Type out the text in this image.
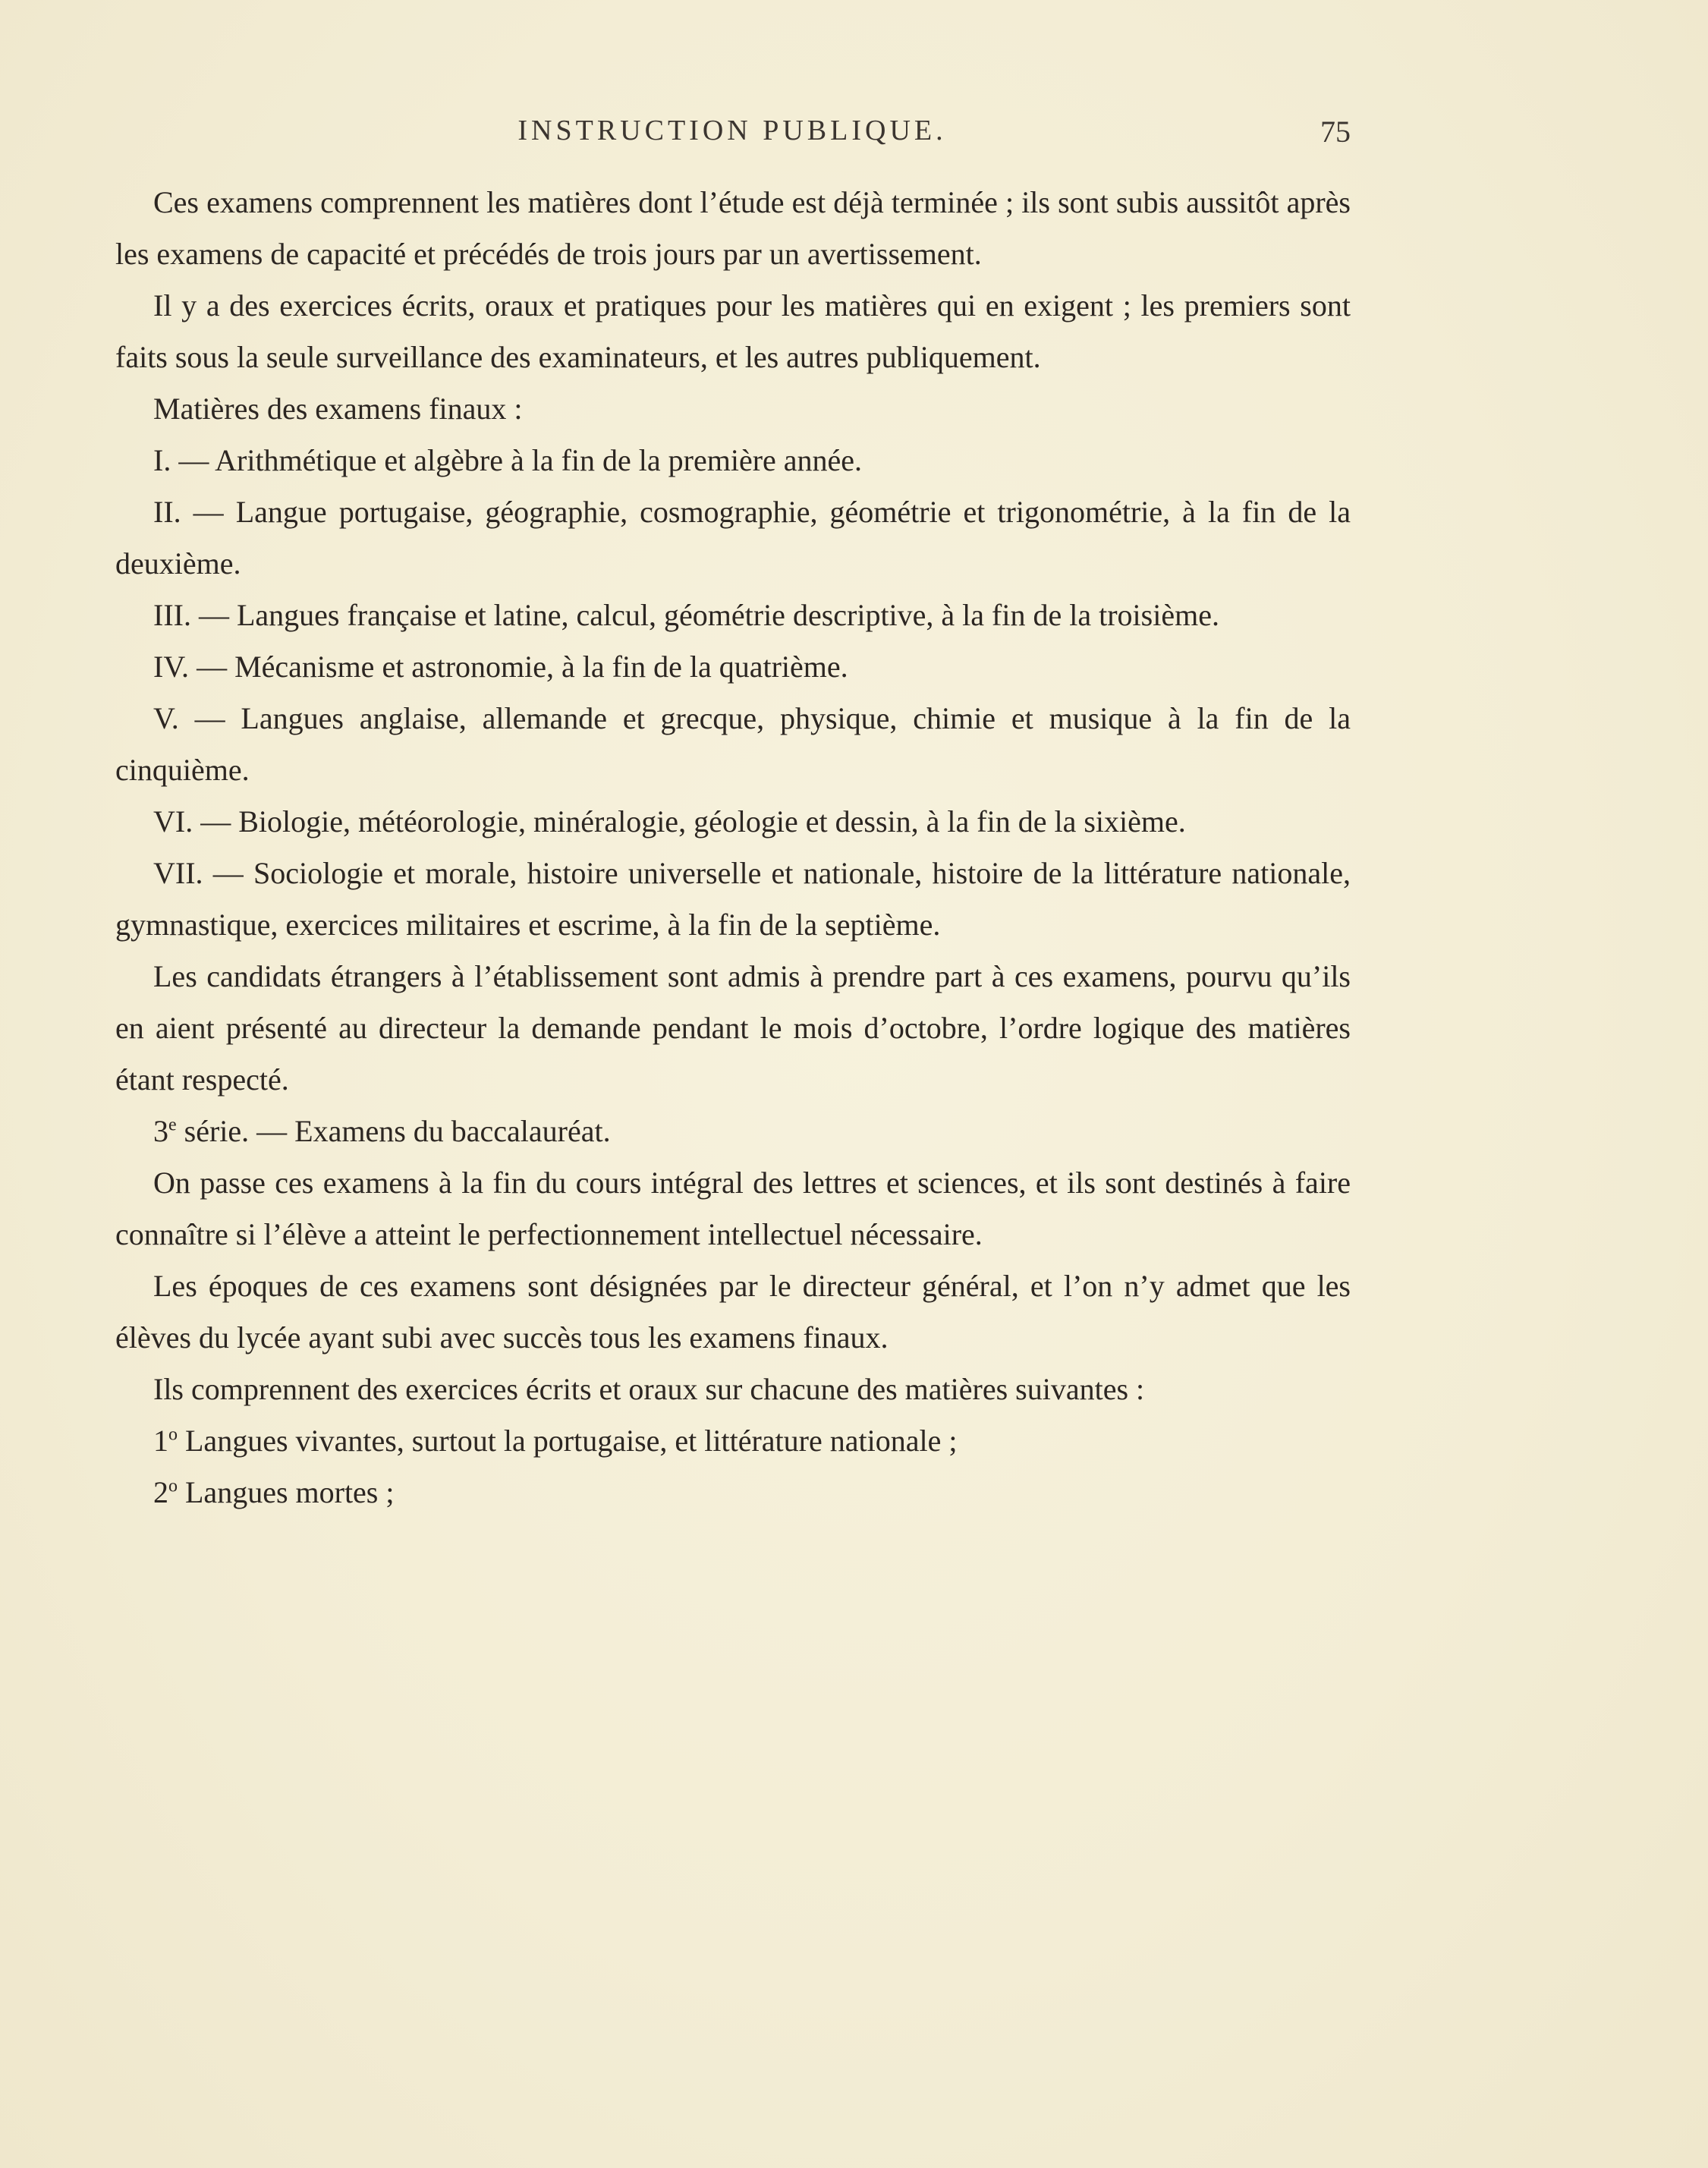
INSTRUCTION PUBLIQUE.	75

Ces examens comprennent les matières dont l’étude est déjà terminée ; ils sont subis aussitôt après les examens de capacité et précédés de trois jours par un avertissement.

Il y a des exercices écrits, oraux et pratiques pour les matières qui en exigent ; les premiers sont faits sous la seule surveillance des examinateurs, et les autres publiquement.

Matières des examens finaux :

I. — Arithmétique et algèbre à la fin de la première année.

II. — Langue portugaise, géographie, cosmographie, géométrie et trigonométrie, à la fin de la deuxième.

III. — Langues française et latine, calcul, géométrie descriptive, à la fin de la troisième.

IV. — Mécanisme et astronomie, à la fin de la quatrième.

V. — Langues anglaise, allemande et grecque, physique, chimie et musique à la fin de la cinquième.

VI. — Biologie, météorologie, minéralogie, géologie et dessin, à la fin de la sixième.

VII. — Sociologie et morale, histoire universelle et nationale, histoire de la littérature nationale, gymnastique, exercices militaires et escrime, à la fin de la septième.

Les candidats étrangers à l’établissement sont admis à prendre part à ces examens, pourvu qu’ils en aient présenté au directeur la demande pendant le mois d’octobre, l’ordre logique des matières étant respecté.

3e série. — Examens du baccalauréat.

On passe ces examens à la fin du cours intégral des lettres et sciences, et ils sont destinés à faire connaître si l’élève a atteint le perfectionnement intellectuel nécessaire.

Les époques de ces examens sont désignées par le directeur général, et l’on n’y admet que les élèves du lycée ayant subi avec succès tous les examens finaux.

Ils comprennent des exercices écrits et oraux sur chacune des matières suivantes :

1$^o$ Langues vivantes, surtout la portugaise, et littérature nationale ;

2$^o$ Langues mortes ;
